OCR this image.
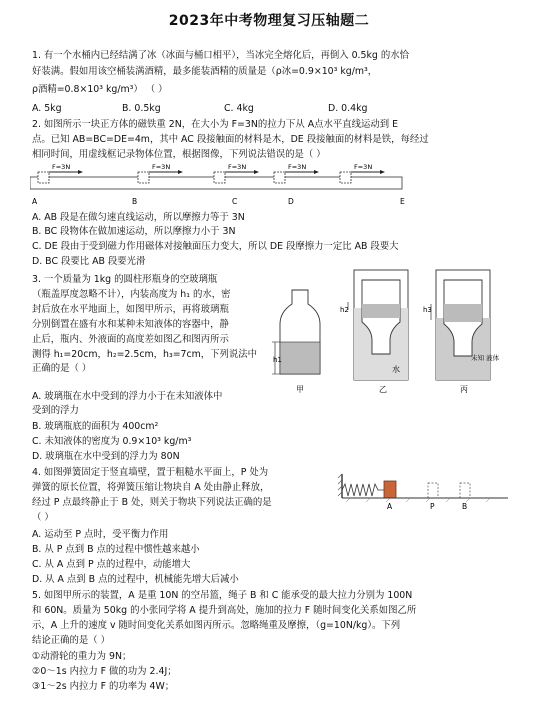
2023年中考物理复习压轴题二
1. 有一个水桶内已经结满了冰（冰面与桶口相平），当冰完全熔化后，再倒入 0.5kg 的水恰
好装满。假如用该空桶装满酒精，最多能装酒精的质量是（ρ冰=0.9×10³ kg/m³，
ρ酒精=0.8×10³ kg/m³） （ ）
A. 5kg	B. 0.5kg	C. 4kg	D. 0.4kg
2. 如图所示一块正方体的磁铁重 2N，在大小为 F=3N的拉力下从 A点水平直线运动到 E
点。已知 AB=BC=DE=4m，其中 AC 段接触面的材料是木，DE 段接触面的材料是铁，每经过
相同时间，用虚线框记录物体位置，根据图像，下列说法错误的是（ ）
F=3N	F=3N	F=3N	F=3N	F=3N
A	B	C	D	E
A. AB 段是在做匀速直线运动，所以摩擦力等于 3N
B. BC 段物体在做加速运动，所以摩擦力小于 3N
C. DE 段由于受到磁力作用磁体对接触面压力变大，所以 DE 段摩擦力一定比 AB 段要大
D. BC 段要比 AB 段要光滑
3. 一个质量为 1kg 的圆柱形瓶身的空玻璃瓶
（瓶盖厚度忽略不计），内装高度为 h₁ 的水，密
封后放在水平地面上，如图甲所示，再将玻璃瓶
分别倒置在盛有水和某种未知液体的容器中，静
止后，瓶内、外液面的高度差如图乙和图丙所示
测得 h₁=20cm，h₂=2.5cm，h₃=7cm，下列说法中
正确的是（ ）
A. 玻璃瓶在水中受到的浮力小于在未知液体中
受到的浮力
B. 玻璃瓶底的面积为 400cm²
C. 未知液体的密度为 0.9×10³ kg/m³
D. 玻璃瓶在水中受到的浮力为 80N
h1
甲
h2
水
乙
h3
未知 液体
丙
4. 如图弹簧固定于竖直墙壁，置于粗糙水平面上，P 处为
弹簧的原长位置，将弹簧压缩让物块自 A 处由静止释放，
经过 P 点最终静止于 B 处，则关于物块下列说法正确的是
（ ）
A. 运动至 P 点时，受平衡力作用
B. 从 P 点到 B 点的过程中惯性越来越小
C. 从 A 点到 P 点的过程中，动能增大
D. 从 A 点到 B 点的过程中，机械能先增大后减小
A	P	B
5. 如图甲所示的装置，A 是重 10N 的空吊篮，绳子 B 和 C 能承受的最大拉力分别为 100N
和 60N。质量为 50kg 的小张同学将 A 提升到高处，施加的拉力 F 随时间变化关系如图乙所
示，A 上升的速度 v 随时间变化关系如图丙所示。忽略绳重及摩擦，（g=10N/kg）。下列
结论正确的是（ ）
①动滑轮的重力为 9N；
②0～1s 内拉力 F 做的功为 2.4J；
③1～2s 内拉力 F 的功率为 4W；
